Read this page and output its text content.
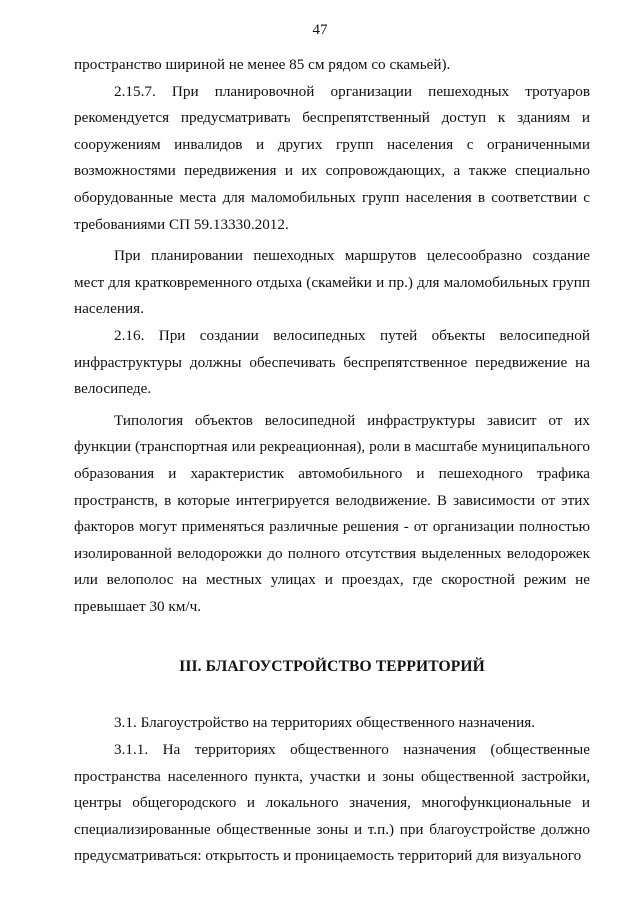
47

пространство шириной не менее 85 см рядом со скамьей).

2.15.7. При планировочной организации пешеходных тротуаров рекомендуется предусматривать беспрепятственный доступ к зданиям и сооружениям инвалидов и других групп населения с ограниченными возможностями передвижения и их сопровождающих, а также специально оборудованные места для маломобильных групп населения в соответствии с требованиями СП 59.13330.2012.

При планировании пешеходных маршрутов целесообразно создание мест для кратковременного отдыха (скамейки и пр.) для маломобильных групп населения.

2.16. При создании велосипедных путей объекты велосипедной инфраструктуры должны обеспечивать беспрепятственное передвижение на велосипеде.

Типология объектов велосипедной инфраструктуры зависит от их функции (транспортная или рекреационная), роли в масштабе муниципального образования и характеристик автомобильного и пешеходного трафика пространств, в которые интегрируется велодвижение. В зависимости от этих факторов могут применяться различные решения - от организации полностью изолированной велодорожки до полного отсутствия выделенных велодорожек или велополос на местных улицах и проездах, где скоростной режим не превышает 30 км/ч.

III. БЛАГОУСТРОЙСТВО ТЕРРИТОРИЙ

3.1. Благоустройство на территориях общественного назначения.

3.1.1. На территориях общественного назначения (общественные пространства населенного пункта, участки и зоны общественной застройки, центры общегородского и локального значения, многофункциональные и специализированные общественные зоны и т.п.) при благоустройстве должно предусматриваться: открытость и проницаемость территорий для визуального
